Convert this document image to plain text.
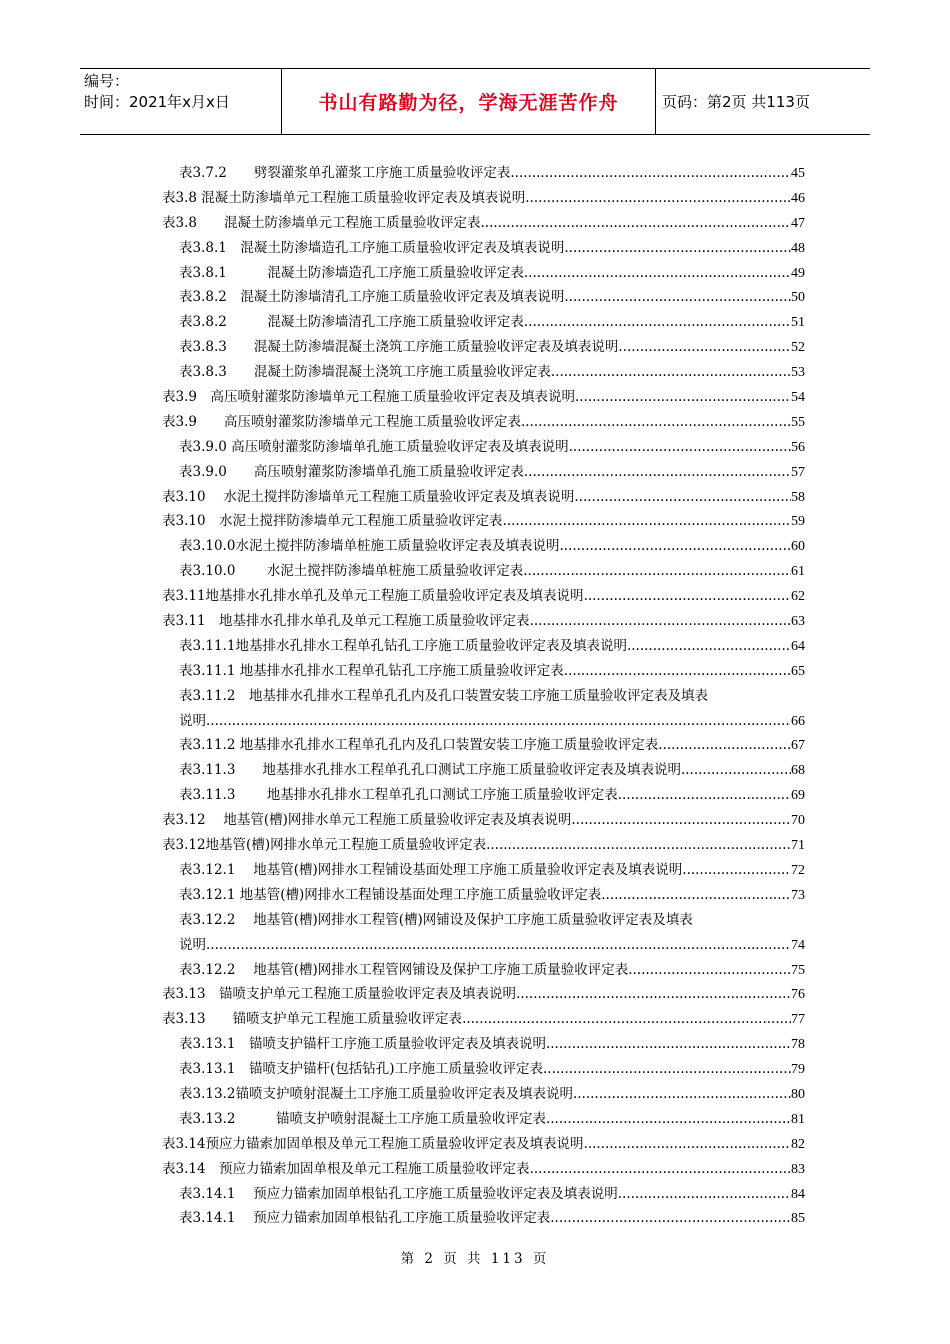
编号：
时间：2021年x月x日	书山有路勤为径，学海无涯苦作舟	页码：第2页 共113页
表3.7.2　　劈裂灌浆单孔灌浆工序施工质量验收评定表 .....	45
表3.8 混凝土防渗墙单元工程施工质量验收评定表及填表说明 .....	46
表3.8　　混凝土防渗墙单元工程施工质量验收评定表 .....	47
表3.8.1　混凝土防渗墙造孔工序施工质量验收评定表及填表说明 .....	48
表3.8.1　　　混凝土防渗墙造孔工序施工质量验收评定表 .....	49
表3.8.2　混凝土防渗墙清孔工序施工质量验收评定表及填表说明 .....	50
表3.8.2　　　混凝土防渗墙清孔工序施工质量验收评定表 .....	51
表3.8.3　　混凝土防渗墙混凝土浇筑工序施工质量验收评定表及填表说明 .....	52
表3.8.3　　混凝土防渗墙混凝土浇筑工序施工质量验收评定表 .....	53
表3.9　高压喷射灌浆防渗墙单元工程施工质量验收评定表及填表说明 .....	54
表3.9　　高压喷射灌浆防渗墙单元工程施工质量验收评定表 .....	55
表3.9.0 高压喷射灌浆防渗墙单孔施工质量验收评定表及填表说明 .....	56
表3.9.0　　高压喷射灌浆防渗墙单孔施工质量验收评定表 .....	57
表3.10　 水泥土搅拌防渗墙单元工程施工质量验收评定表及填表说明 .....	58
表3.10　水泥土搅拌防渗墙单元工程施工质量验收评定表 .....	59
表3.10.0水泥土搅拌防渗墙单桩施工质量验收评定表及填表说明 .....	60
表3.10.0　　 水泥土搅拌防渗墙单桩施工质量验收评定表 .....	61
表3.11地基排水孔排水单孔及单元工程施工质量验收评定表及填表说明 .....	62
表3.11　地基排水孔排水单孔及单元工程施工质量验收评定表 .....	63
表3.11.1地基排水孔排水工程单孔钻孔工序施工质量验收评定表及填表说明 .....	64
表3.11.1 地基排水孔排水工程单孔钻孔工序施工质量验收评定表 .....	65
表3.11.2　地基排水孔排水工程单孔孔内及孔口装置安装工序施工质量验收评定表及填表
说明 .....	66
表3.11.2 地基排水孔排水工程单孔孔内及孔口装置安装工序施工质量验收评定表 .....	67
表3.11.3　　地基排水孔排水工程单孔孔口测试工序施工质量验收评定表及填表说明 .....	68
表3.11.3　　 地基排水孔排水工程单孔孔口测试工序施工质量验收评定表 .....	69
表3.12　 地基管(槽)网排水单元工程施工质量验收评定表及填表说明 .....	70
表3.12地基管(槽)网排水单元工程施工质量验收评定表 .....	71
表3.12.1　 地基管(槽)网排水工程铺设基面处理工序施工质量验收评定表及填表说明. .....	72
表3.12.1 地基管(槽)网排水工程铺设基面处理工序施工质量验收评定表 .....	73
表3.12.2　 地基管(槽)网排水工程管(槽)网铺设及保护工序施工质量验收评定表及填表
说明 .....	74
表3.12.2　 地基管(槽)网排水工程管网铺设及保护工序施工质量验收评定表 .....	75
表3.13　锚喷支护单元工程施工质量验收评定表及填表说明 .....	76
表3.13　　锚喷支护单元工程施工质量验收评定表 .....	77
表3.13.1　锚喷支护锚杆工序施工质量验收评定表及填表说明 .....	78
表3.13.1　锚喷支护锚杆(包括钻孔)工序施工质量验收评定表 .....	79
表3.13.2锚喷支护喷射混凝土工序施工质量验收评定表及填表说明 .....	80
表3.13.2　　　锚喷支护喷射混凝土工序施工质量验收评定表 .....	81
表3.14预应力锚索加固单根及单元工程施工质量验收评定表及填表说明 .....	82
表3.14　预应力锚索加固单根及单元工程施工质量验收评定表 .....	83
表3.14.1　 预应力锚索加固单根钻孔工序施工质量验收评定表及填表说明 .....	84
表3.14.1　 预应力锚索加固单根钻孔工序施工质量验收评定表 .....	85
第 2 页 共 113 页
